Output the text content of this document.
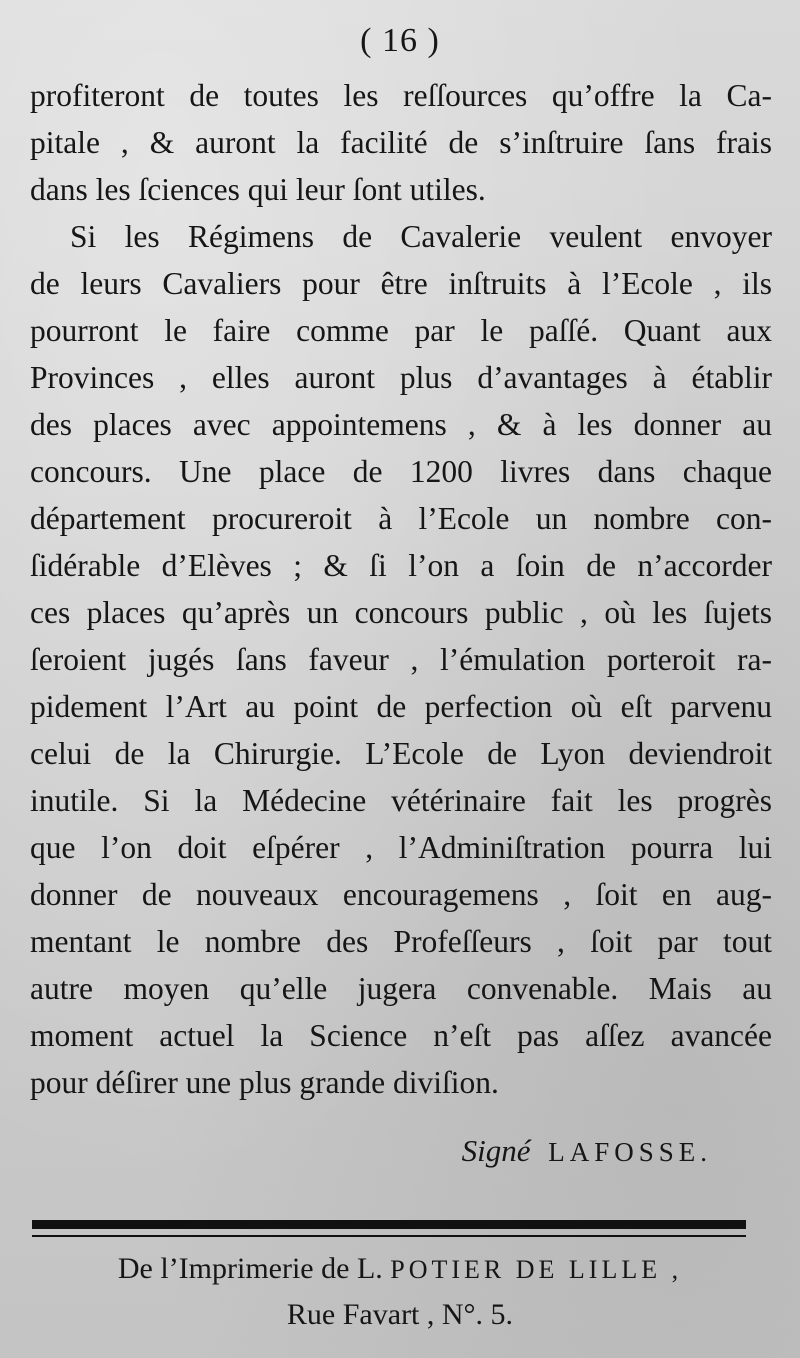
( 16 )
profiteront de toutes les reſſources qu’offre la Ca-
pitale , & auront la facilité de s’inſtruire ſans frais
dans les ſciences qui leur ſont utiles.
Si les Régimens de Cavalerie veulent envoyer
de leurs Cavaliers pour être inſtruits à l’Ecole , ils
pourront le faire comme par le paſſé. Quant aux
Provinces , elles auront plus d’avantages à établir
des places avec appointemens , & à les donner au
concours. Une place de 1200 livres dans chaque
département procureroit à l’Ecole un nombre con-
ſidérable d’Elèves ; & ſi l’on a ſoin de n’accorder
ces places qu’après un concours public , où les ſujets
ſeroient jugés ſans faveur , l’émulation porteroit ra-
pidement l’Art au point de perfection où eſt parvenu
celui de la Chirurgie. L’Ecole de Lyon deviendroit
inutile. Si la Médecine vétérinaire fait les progrès
que l’on doit eſpérer , l’Adminiſtration pourra lui
donner de nouveaux encouragemens , ſoit en aug-
mentant le nombre des Profeſſeurs , ſoit par tout
autre moyen qu’elle jugera convenable. Mais au
moment actuel la Science n’eſt pas aſſez avancée
pour déſirer une plus grande diviſion.
Signé LAFOSSE.
De l’Imprimerie de L. POTIER DE LILLE ,
Rue Favart , N°. 5.
